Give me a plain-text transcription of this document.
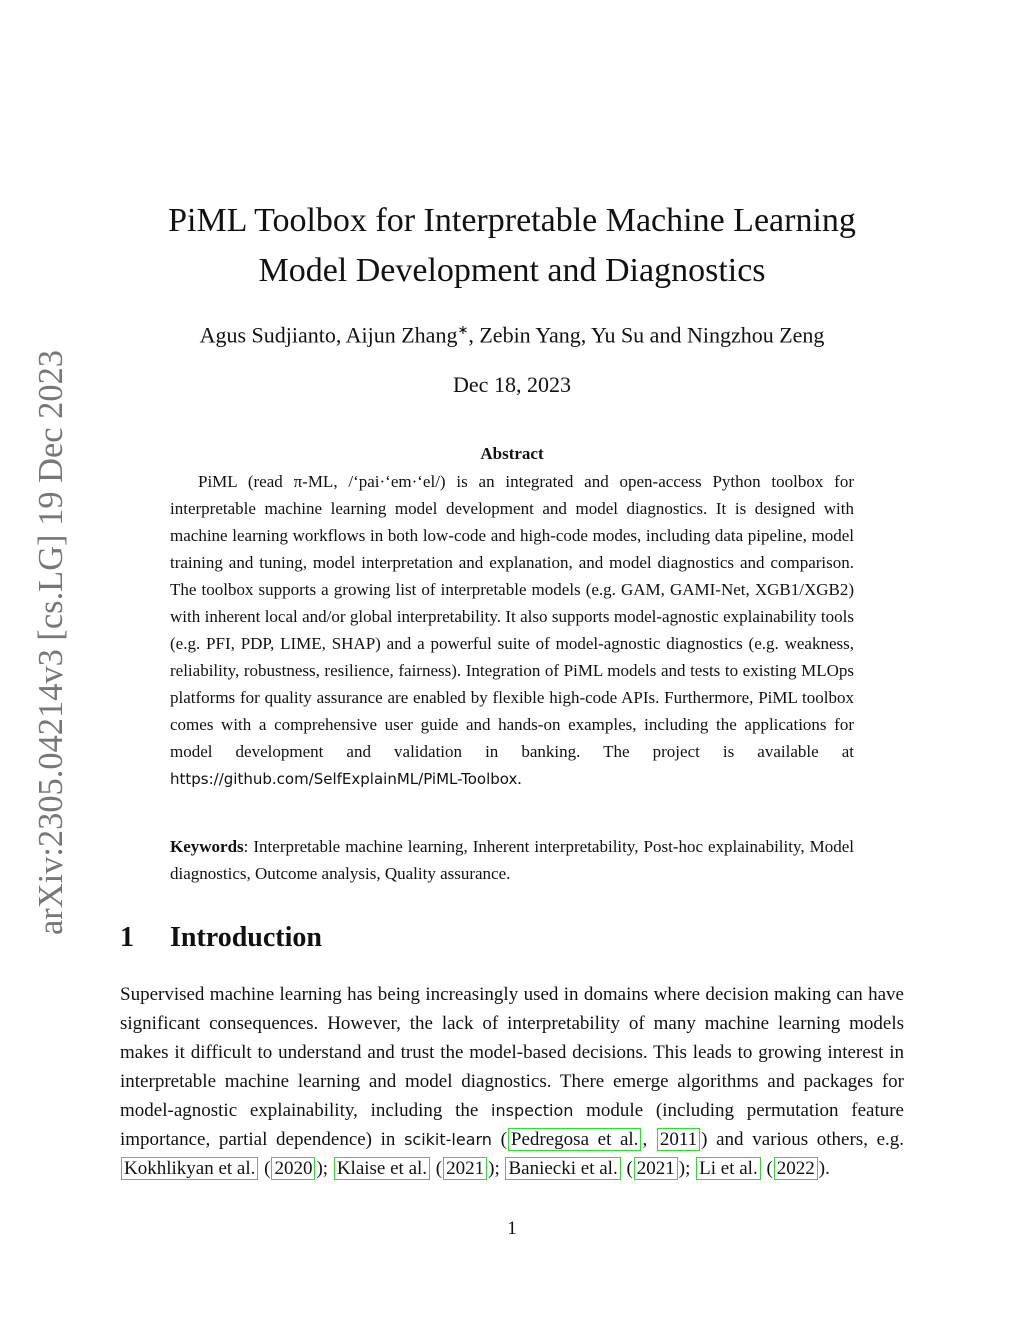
arXiv:2305.04214v3 [cs.LG] 19 Dec 2023
PiML Toolbox for Interpretable Machine Learning
Model Development and Diagnostics
Agus Sudjianto, Aijun Zhang∗, Zebin Yang, Yu Su and Ningzhou Zeng
Dec 18, 2023
Abstract

PiML (read π-ML, /‘pai·‘em·‘el/) is an integrated and open-access Python toolbox for interpretable machine learning model development and model diagnostics. It is designed with machine learning workflows in both low-code and high-code modes, including data pipeline, model training and tuning, model interpretation and explanation, and model diagnostics and comparison. The toolbox supports a growing list of interpretable models (e.g. GAM, GAMI-Net, XGB1/XGB2) with inherent local and/or global interpretability. It also supports model-agnostic explainability tools (e.g. PFI, PDP, LIME, SHAP) and a powerful suite of model-agnostic diagnostics (e.g. weakness, reliability, robustness, resilience, fairness). Integration of PiML models and tests to existing MLOps platforms for quality assurance are enabled by flexible high-code APIs. Furthermore, PiML toolbox comes with a comprehensive user guide and hands-on examples, including the applications for model development and validation in banking. The project is available at https://github.com/SelfExplainML/PiML-Toolbox.

Keywords: Interpretable machine learning, Inherent interpretability, Post-hoc explainability, Model diagnostics, Outcome analysis, Quality assurance.

1 Introduction

Supervised machine learning has being increasingly used in domains where decision making can have significant consequences. However, the lack of interpretability of many machine learning models makes it difficult to understand and trust the model-based decisions. This leads to growing interest in interpretable machine learning and model diagnostics. There emerge algorithms and packages for model-agnostic explainability, including the inspection module (including permutation feature importance, partial dependence) in scikit-learn ( Pedregosa et al. , 2011 ) and various others, e.g. Kokhlikyan et al. ( 2020 ); Klaise et al. ( 2021 ); Baniecki et al. ( 2021 ); Li et al. ( 2022 ).

1
